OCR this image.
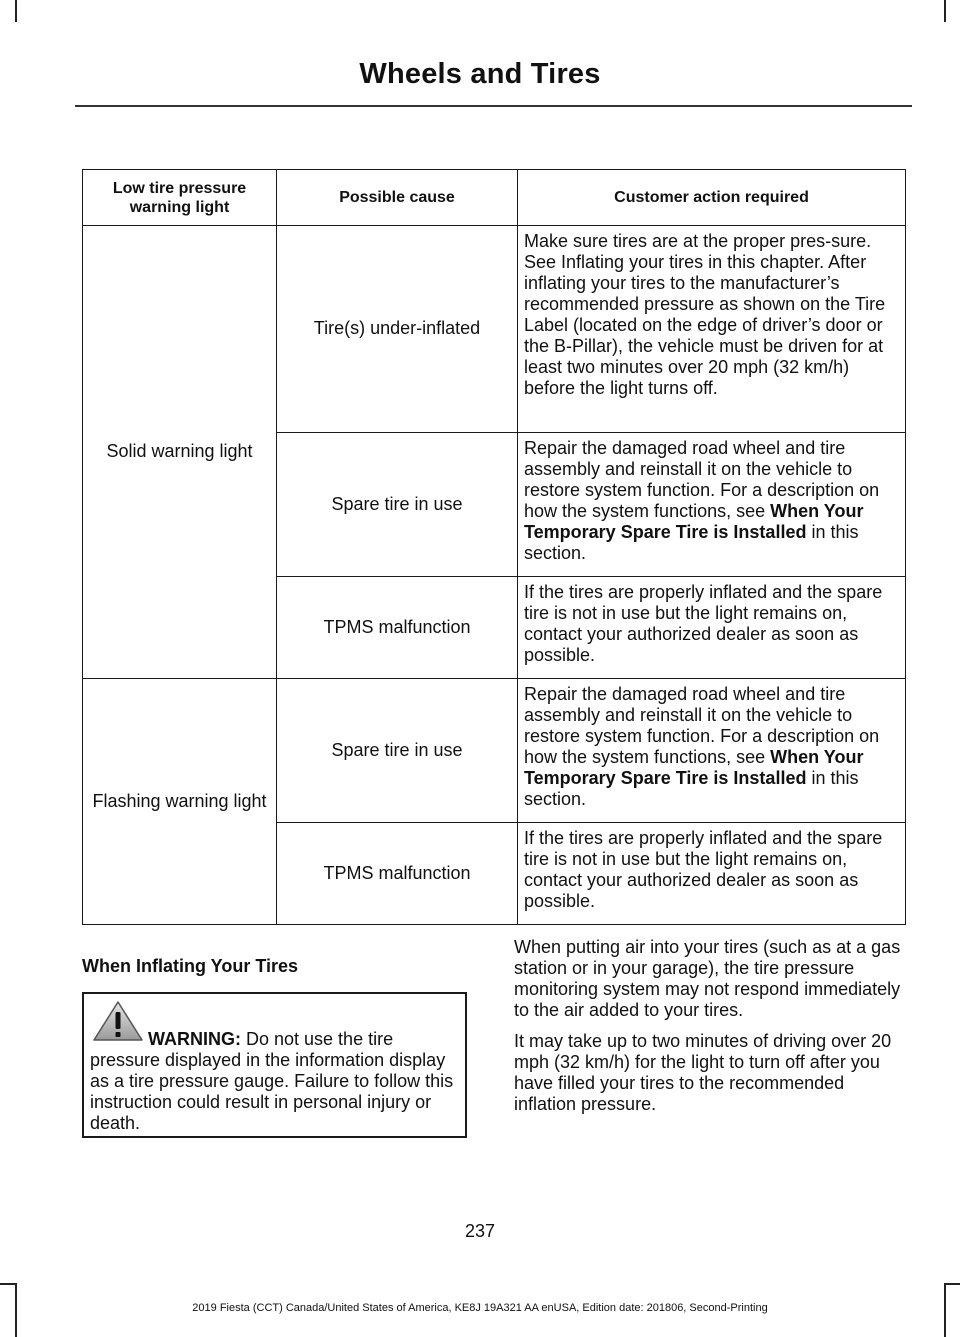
Wheels and Tires
Low tire pressure warning light	Possible cause	Customer action required
Solid warning light	Tire(s) under-inflated	Make sure tires are at the proper pres-sure. See Inflating your tires in this chapter. After inflating your tires to the manufacturer’s recommended pressure as shown on the Tire Label (located on the edge of driver’s door or the B-Pillar), the vehicle must be driven for at least two minutes over 20 mph (32 km/h) before the light turns off.
	Spare tire in use	Repair the damaged road wheel and tire assembly and reinstall it on the vehicle to restore system function. For a description on how the system functions, see When Your Temporary Spare Tire is Installed in this section.
	TPMS malfunction	If the tires are properly inflated and the spare tire is not in use but the light remains on, contact your authorized dealer as soon as possible.
Flashing warning light	Spare tire in use	Repair the damaged road wheel and tire assembly and reinstall it on the vehicle to restore system function. For a description on how the system functions, see When Your Temporary Spare Tire is Installed in this section.
	TPMS malfunction	If the tires are properly inflated and the spare tire is not in use but the light remains on, contact your authorized dealer as soon as possible.
When Inflating Your Tires

WARNING: Do not use the tire pressure displayed in the information display as a tire pressure gauge. Failure to follow this instruction could result in personal injury or death.

When putting air into your tires (such as at a gas station or in your garage), the tire pressure monitoring system may not respond immediately to the air added to your tires.

It may take up to two minutes of driving over 20 mph (32 km/h) for the light to turn off after you have filled your tires to the recommended inflation pressure.

237
2019 Fiesta (CCT) Canada/United States of America, KE8J 19A321 AA enUSA, Edition date: 201806, Second-Printing
